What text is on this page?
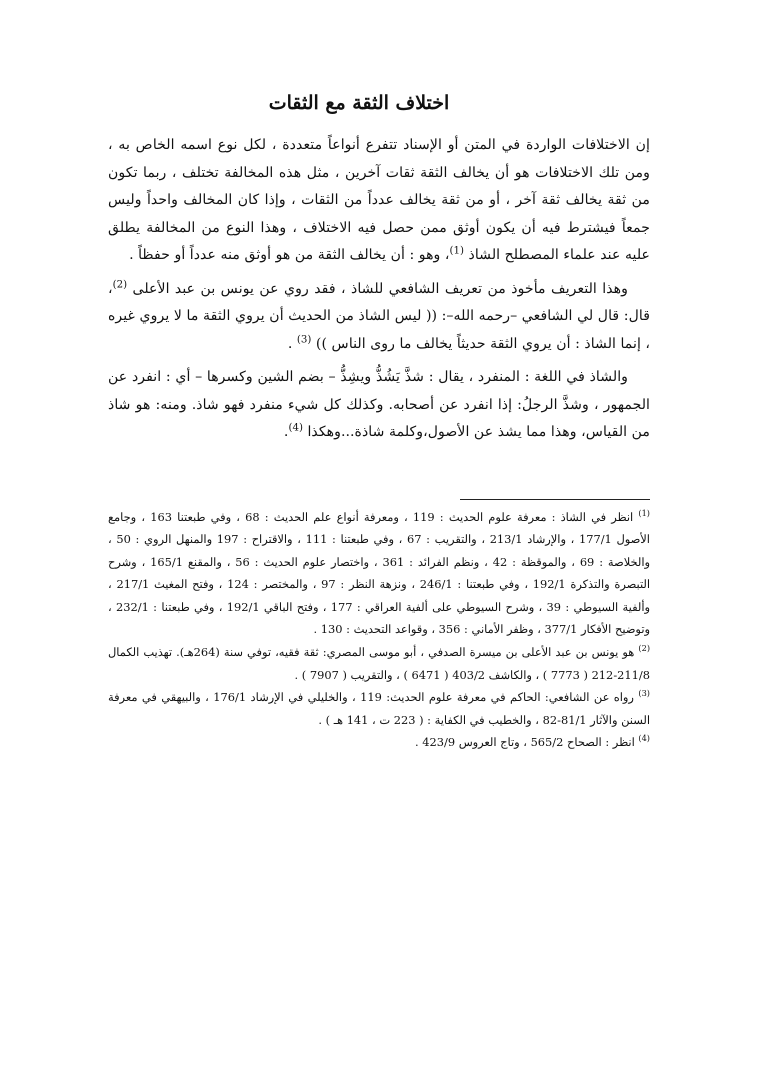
اختلاف الثقة مع الثقات

إن الاختلافات الواردة في المتن أو الإسناد تتفرع أنواعاً متعددة ، لكل نوع اسمه الخاص به ، ومن تلك الاختلافات هو أن يخالف الثقة ثقات آخرين ، مثل هذه المخالفة تختلف ، ربما تكون من ثقة يخالف ثقة آخر ، أو من ثقة يخالف عدداً من الثقات ، وإذا كان المخالف واحداً وليس جمعاً فيشترط فيه أن يكون أوثق ممن حصل فيه الاختلاف ، وهذا النوع من المخالفة يطلق عليه عند علماء المصطلح الشاذ $^{(1)}$، وهو : أن يخالف الثقة من هو أوثق منه عدداً أو حفظاً .

وهذا التعريف مأخوذ من تعريف الشافعي للشاذ ، فقد روي عن يونس بن عبد الأعلى $^{(2)}$، قال: قال لي الشافعي –رحمه الله–: (( ليس الشاذ من الحديث أن يروي الثقة ما لا يروي غيره ، إنما الشاذ : أن يروي الثقة حديثاً يخالف ما روى الناس )) $^{(3)}$ .

والشاذ في اللغة : المنفرد ، يقال : شذَّ يَشُذُّ ويشِذُّ – بضم الشين وكسرها – أي : انفرد عن الجمهور ، وشذَّ الرجلُ: إذا انفرد عن أصحابه. وكذلك كل شيء منفرد فهو شاذ. ومنه: هو شاذ من القياس، وهذا مما يشذ عن الأصول،وكلمة شاذة...وهكذا $^{(4)}$.

$^{(1)}$ انظر في الشاذ : معرفة علوم الحديث : 119 ، ومعرفة أنواع علم الحديث : 68 ، وفي طبعتنا 163 ، وجامع الأصول 177/1 ، والإرشاد 213/1 ، والتقريب : 67 ، وفي طبعتنا : 111 ، والاقتراح : 197 والمنهل الروي : 50 ، والخلاصة : 69 ، والموقظة : 42 ، ونظم الفرائد : 361 ، واختصار علوم الحديث : 56 ، والمقنع 165/1 ، وشرح التبصرة والتذكرة 192/1 ، وفي طبعتنا : 246/1 ، ونزهة النظر : 97 ، والمختصر : 124 ، وفتح المغيث 217/1 ، وألفية السيوطي : 39 ، وشرح السيوطي على ألفية العراقي : 177 ، وفتح الباقي 192/1 ، وفي طبعتنا : 232/1 ، وتوضيح الأفكار 377/1 ، وظفر الأماني : 356 ، وقواعد التحديث : 130 .

$^{(2)}$ هو يونس بن عبد الأعلى بن ميسرة الصدفي ، أبو موسى المصري: ثقة فقيه، توفي سنة (264هـ). تهذيب الكمال 211/8-212 ( 7773 ) ، والكاشف 403/2 ( 6471 ) ، والتقريب ( 7907 ) .

$^{(3)}$ رواه عن الشافعي: الحاكم في معرفة علوم الحديث: 119 ، والخليلي في الإرشاد 176/1 ، والبيهقي في معرفة السنن والآثار 81/1-82 ، والخطيب في الكفاية : ( 223 ت ، 141 هـ ) .

$^{(4)}$ انظر : الصحاح 565/2 ، وتاج العروس 423/9 .
